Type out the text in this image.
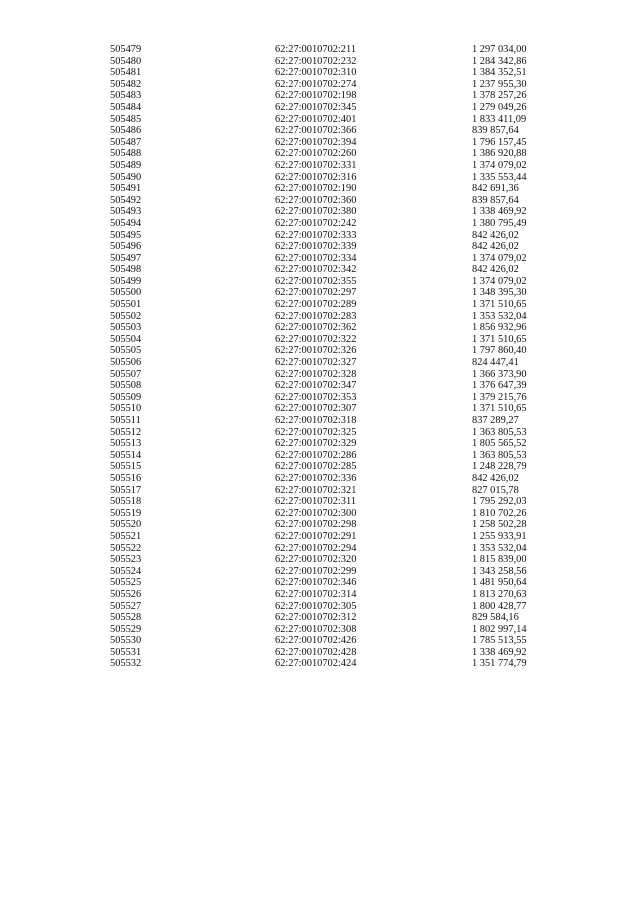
505479	62:27:0010702:211	1 297 034,00
505480	62:27:0010702:232	1 284 342,86
505481	62:27:0010702:310	1 384 352,51
505482	62:27:0010702:274	1 237 955,30
505483	62:27:0010702:198	1 378 257,26
505484	62:27:0010702:345	1 279 049,26
505485	62:27:0010702:401	1 833 411,09
505486	62:27:0010702:366	839 857,64
505487	62:27:0010702:394	1 796 157,45
505488	62:27:0010702:260	1 386 920,88
505489	62:27:0010702:331	1 374 079,02
505490	62:27:0010702:316	1 335 553,44
505491	62:27:0010702:190	842 691,36
505492	62:27:0010702:360	839 857,64
505493	62:27:0010702:380	1 338 469,92
505494	62:27:0010702:242	1 380 795,49
505495	62:27:0010702:333	842 426,02
505496	62:27:0010702:339	842 426,02
505497	62:27:0010702:334	1 374 079,02
505498	62:27:0010702:342	842 426,02
505499	62:27:0010702:355	1 374 079,02
505500	62:27:0010702:297	1 348 395,30
505501	62:27:0010702:289	1 371 510,65
505502	62:27:0010702:283	1 353 532,04
505503	62:27:0010702:362	1 856 932,96
505504	62:27:0010702:322	1 371 510,65
505505	62:27:0010702:326	1 797 860,40
505506	62:27:0010702:327	824 447,41
505507	62:27:0010702:328	1 366 373,90
505508	62:27:0010702:347	1 376 647,39
505509	62:27:0010702:353	1 379 215,76
505510	62:27:0010702:307	1 371 510,65
505511	62:27:0010702:318	837 289,27
505512	62:27:0010702:325	1 363 805,53
505513	62:27:0010702:329	1 805 565,52
505514	62:27:0010702:286	1 363 805,53
505515	62:27:0010702:285	1 248 228,79
505516	62:27:0010702:336	842 426,02
505517	62:27:0010702:321	827 015,78
505518	62:27:0010702:311	1 795 292,03
505519	62:27:0010702:300	1 810 702,26
505520	62:27:0010702:298	1 258 502,28
505521	62:27:0010702:291	1 255 933,91
505522	62:27:0010702:294	1 353 532,04
505523	62:27:0010702:320	1 815 839,00
505524	62:27:0010702:299	1 343 258,56
505525	62:27:0010702:346	1 481 950,64
505526	62:27:0010702:314	1 813 270,63
505527	62:27:0010702:305	1 800 428,77
505528	62:27:0010702:312	829 584,16
505529	62:27:0010702:308	1 802 997,14
505530	62:27:0010702:426	1 785 513,55
505531	62:27:0010702:428	1 338 469,92
505532	62:27:0010702:424	1 351 774,79
